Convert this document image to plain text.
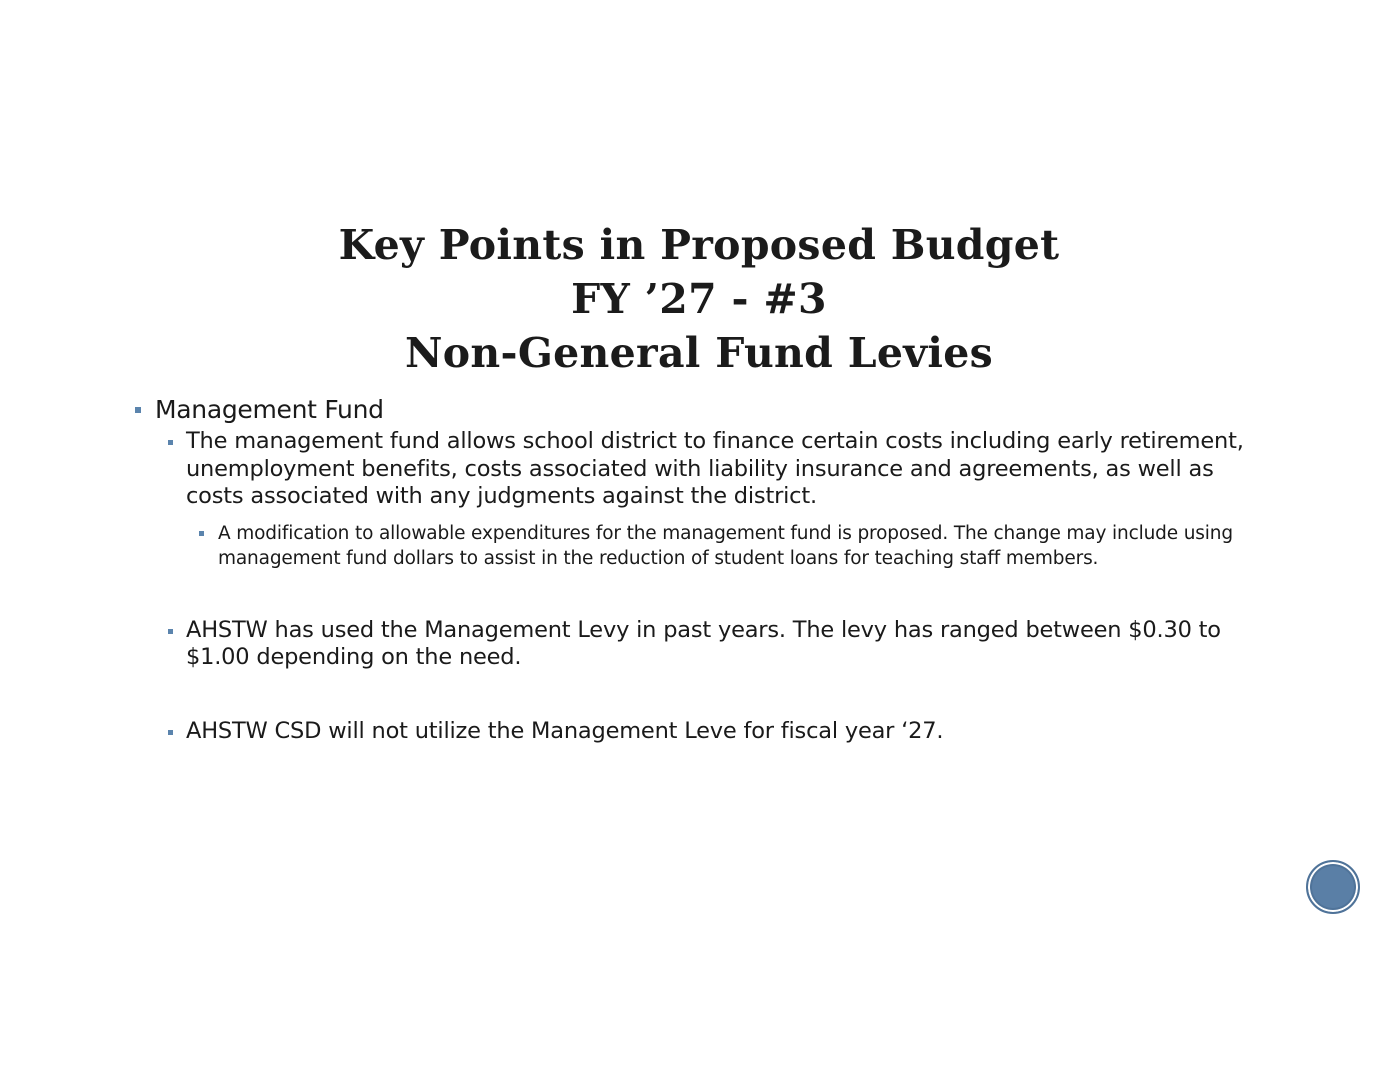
Key Points in Proposed Budget
FY ’27 - #3
Non-General Fund Levies
Management Fund
The management fund allows school district to finance certain costs including early retirement, unemployment benefits, costs associated with liability insurance and agreements, as well as costs associated with any judgments against the district.
A modification to allowable expenditures for the management fund is proposed. The change may include using management fund dollars to assist in the reduction of student loans for teaching staff members.
AHSTW has used the Management Levy in past years. The levy has ranged between $0.30 to $1.00 depending on the need.
AHSTW CSD will not utilize the Management Leve for fiscal year ‘27.
